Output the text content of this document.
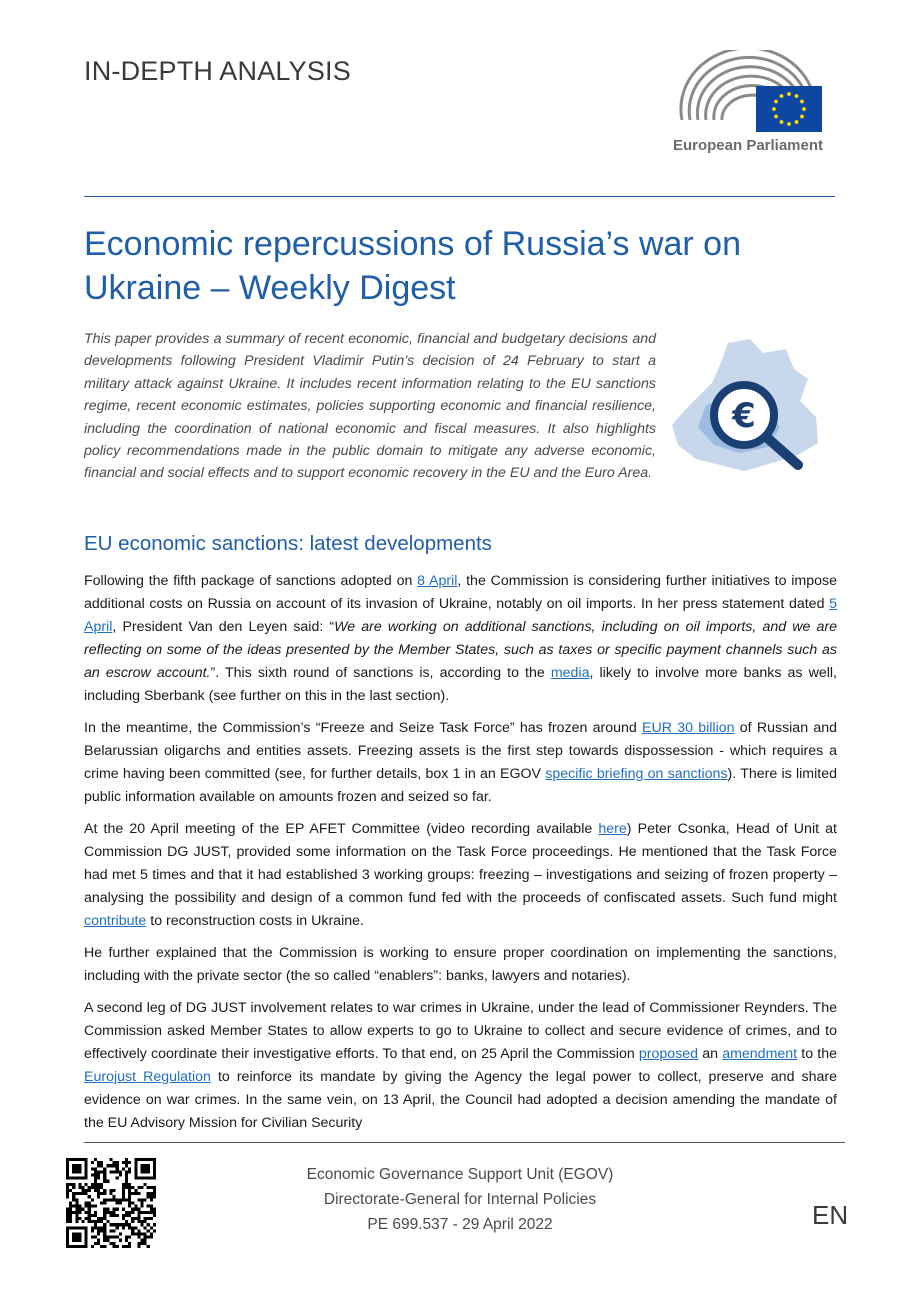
IN-DEPTH ANALYSIS
European Parliament
Economic repercussions of Russia’s war on Ukraine – Weekly Digest

This paper provides a summary of recent economic, financial and budgetary decisions and developments following President Vladimir Putin’s decision of 24 February to start a military attack against Ukraine. It includes recent information relating to the EU sanctions regime, recent economic estimates, policies supporting economic and financial resilience, including the coordination of national economic and fiscal measures. It also highlights policy recommendations made in the public domain to mitigate any adverse economic, financial and social effects and to support economic recovery in the EU and the Euro Area.

€
EU economic sanctions: latest developments

Following the fifth package of sanctions adopted on 8 April, the Commission is considering further initiatives to impose additional costs on Russia on account of its invasion of Ukraine, notably on oil imports. In her press statement dated 5 April, President Van den Leyen said: “We are working on additional sanctions, including on oil imports, and we are reflecting on some of the ideas presented by the Member States, such as taxes or specific payment channels such as an escrow account.”. This sixth round of sanctions is, according to the media, likely to involve more banks as well, including Sberbank (see further on this in the last section).

In the meantime, the Commission’s “Freeze and Seize Task Force” has frozen around EUR 30 billion of Russian and Belarussian oligarchs and entities assets. Freezing assets is the first step towards dispossession - which requires a crime having been committed (see, for further details, box 1 in an EGOV specific briefing on sanctions). There is limited public information available on amounts frozen and seized so far.

At the 20 April meeting of the EP AFET Committee (video recording available here) Peter Csonka, Head of Unit at Commission DG JUST, provided some information on the Task Force proceedings. He mentioned that the Task Force had met 5 times and that it had established 3 working groups: freezing – investigations and seizing of frozen property – analysing the possibility and design of a common fund fed with the proceeds of confiscated assets. Such fund might contribute to reconstruction costs in Ukraine.

He further explained that the Commission is working to ensure proper coordination on implementing the sanctions, including with the private sector (the so called “enablers”: banks, lawyers and notaries).

A second leg of DG JUST involvement relates to war crimes in Ukraine, under the lead of Commissioner Reynders. The Commission asked Member States to allow experts to go to Ukraine to collect and secure evidence of crimes, and to effectively coordinate their investigative efforts. To that end, on 25 April the Commission proposed an amendment to the Eurojust Regulation to reinforce its mandate by giving the Agency the legal power to collect, preserve and share evidence on war crimes. In the same vein, on 13 April, the Council had adopted a decision amending the mandate of the EU Advisory Mission for Civilian Security

Economic Governance Support Unit (EGOV)
Directorate-General for Internal Policies
PE 699.537 - 29 April 2022	EN
